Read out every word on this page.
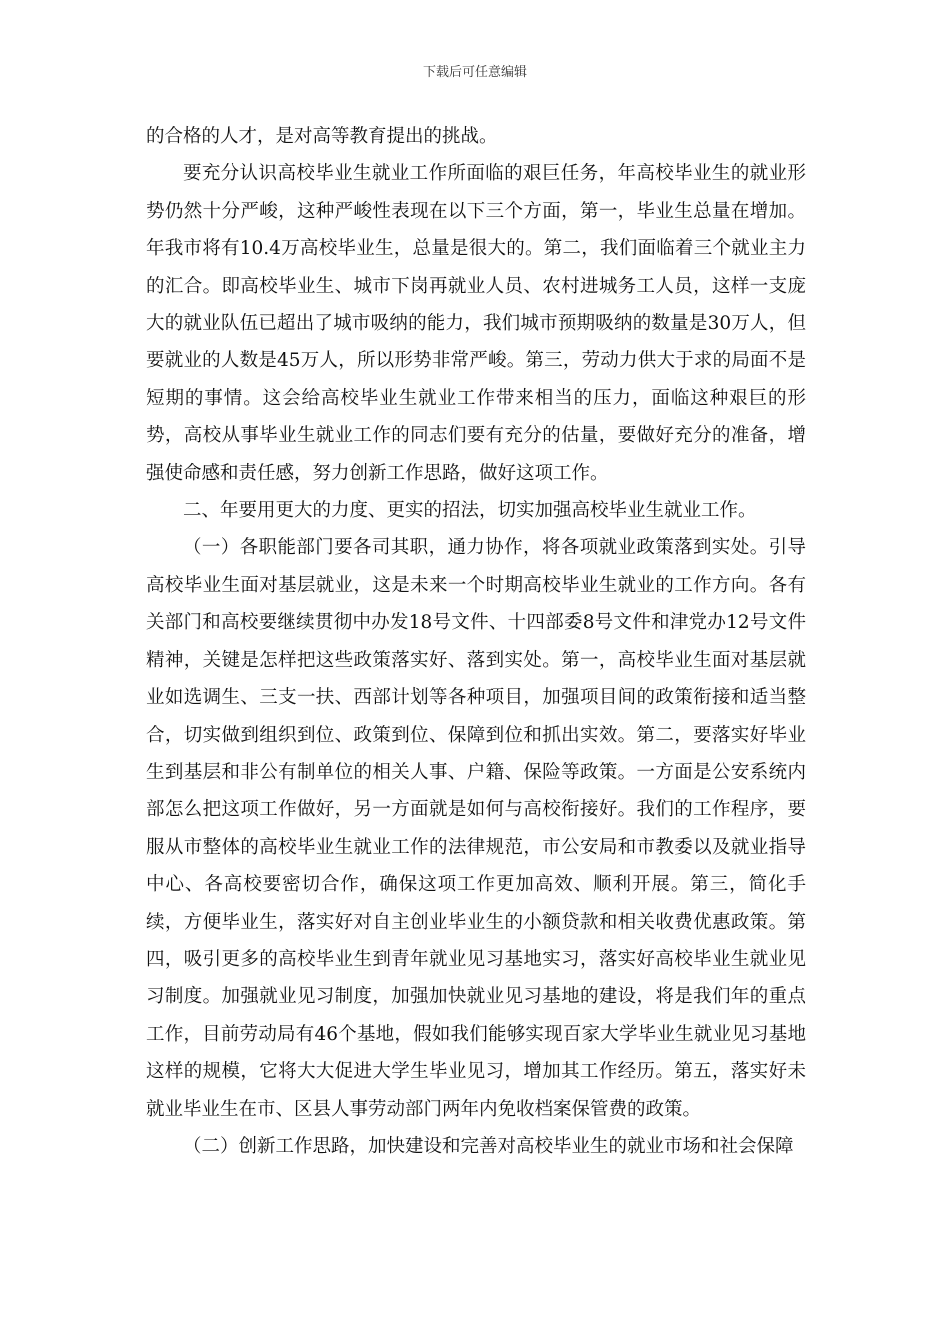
下载后可任意编辑

的合格的人才，是对高等教育提出的挑战。

要充分认识高校毕业生就业工作所面临的艰巨任务，年高校毕业生的就业形势仍然十分严峻，这种严峻性表现在以下三个方面，第一，毕业生总量在增加。年我市将有10.4万高校毕业生，总量是很大的。第二，我们面临着三个就业主力的汇合。即高校毕业生、城市下岗再就业人员、农村进城务工人员，这样一支庞大的就业队伍已超出了城市吸纳的能力，我们城市预期吸纳的数量是30万人，但要就业的人数是45万人，所以形势非常严峻。第三，劳动力供大于求的局面不是短期的事情。这会给高校毕业生就业工作带来相当的压力，面临这种艰巨的形势，高校从事毕业生就业工作的同志们要有充分的估量，要做好充分的准备，增强使命感和责任感，努力创新工作思路，做好这项工作。

二、年要用更大的力度、更实的招法，切实加强高校毕业生就业工作。

（一）各职能部门要各司其职，通力协作，将各项就业政策落到实处。引导高校毕业生面对基层就业，这是未来一个时期高校毕业生就业的工作方向。各有关部门和高校要继续贯彻中办发18号文件、十四部委8号文件和津党办12号文件精神，关键是怎样把这些政策落实好、落到实处。第一，高校毕业生面对基层就业如选调生、三支一扶、西部计划等各种项目，加强项目间的政策衔接和适当整合，切实做到组织到位、政策到位、保障到位和抓出实效。第二，要落实好毕业生到基层和非公有制单位的相关人事、户籍、保险等政策。一方面是公安系统内部怎么把这项工作做好，另一方面就是如何与高校衔接好。我们的工作程序，要服从市整体的高校毕业生就业工作的法律规范，市公安局和市教委以及就业指导中心、各高校要密切合作，确保这项工作更加高效、顺利开展。第三，简化手续，方便毕业生，落实好对自主创业毕业生的小额贷款和相关收费优惠政策。第四，吸引更多的高校毕业生到青年就业见习基地实习，落实好高校毕业生就业见习制度。加强就业见习制度，加强加快就业见习基地的建设，将是我们年的重点工作，目前劳动局有46个基地，假如我们能够实现百家大学毕业生就业见习基地这样的规模，它将大大促进大学生毕业见习，增加其工作经历。第五，落实好未就业毕业生在市、区县人事劳动部门两年内免收档案保管费的政策。

（二）创新工作思路，加快建设和完善对高校毕业生的就业市场和社会保障
